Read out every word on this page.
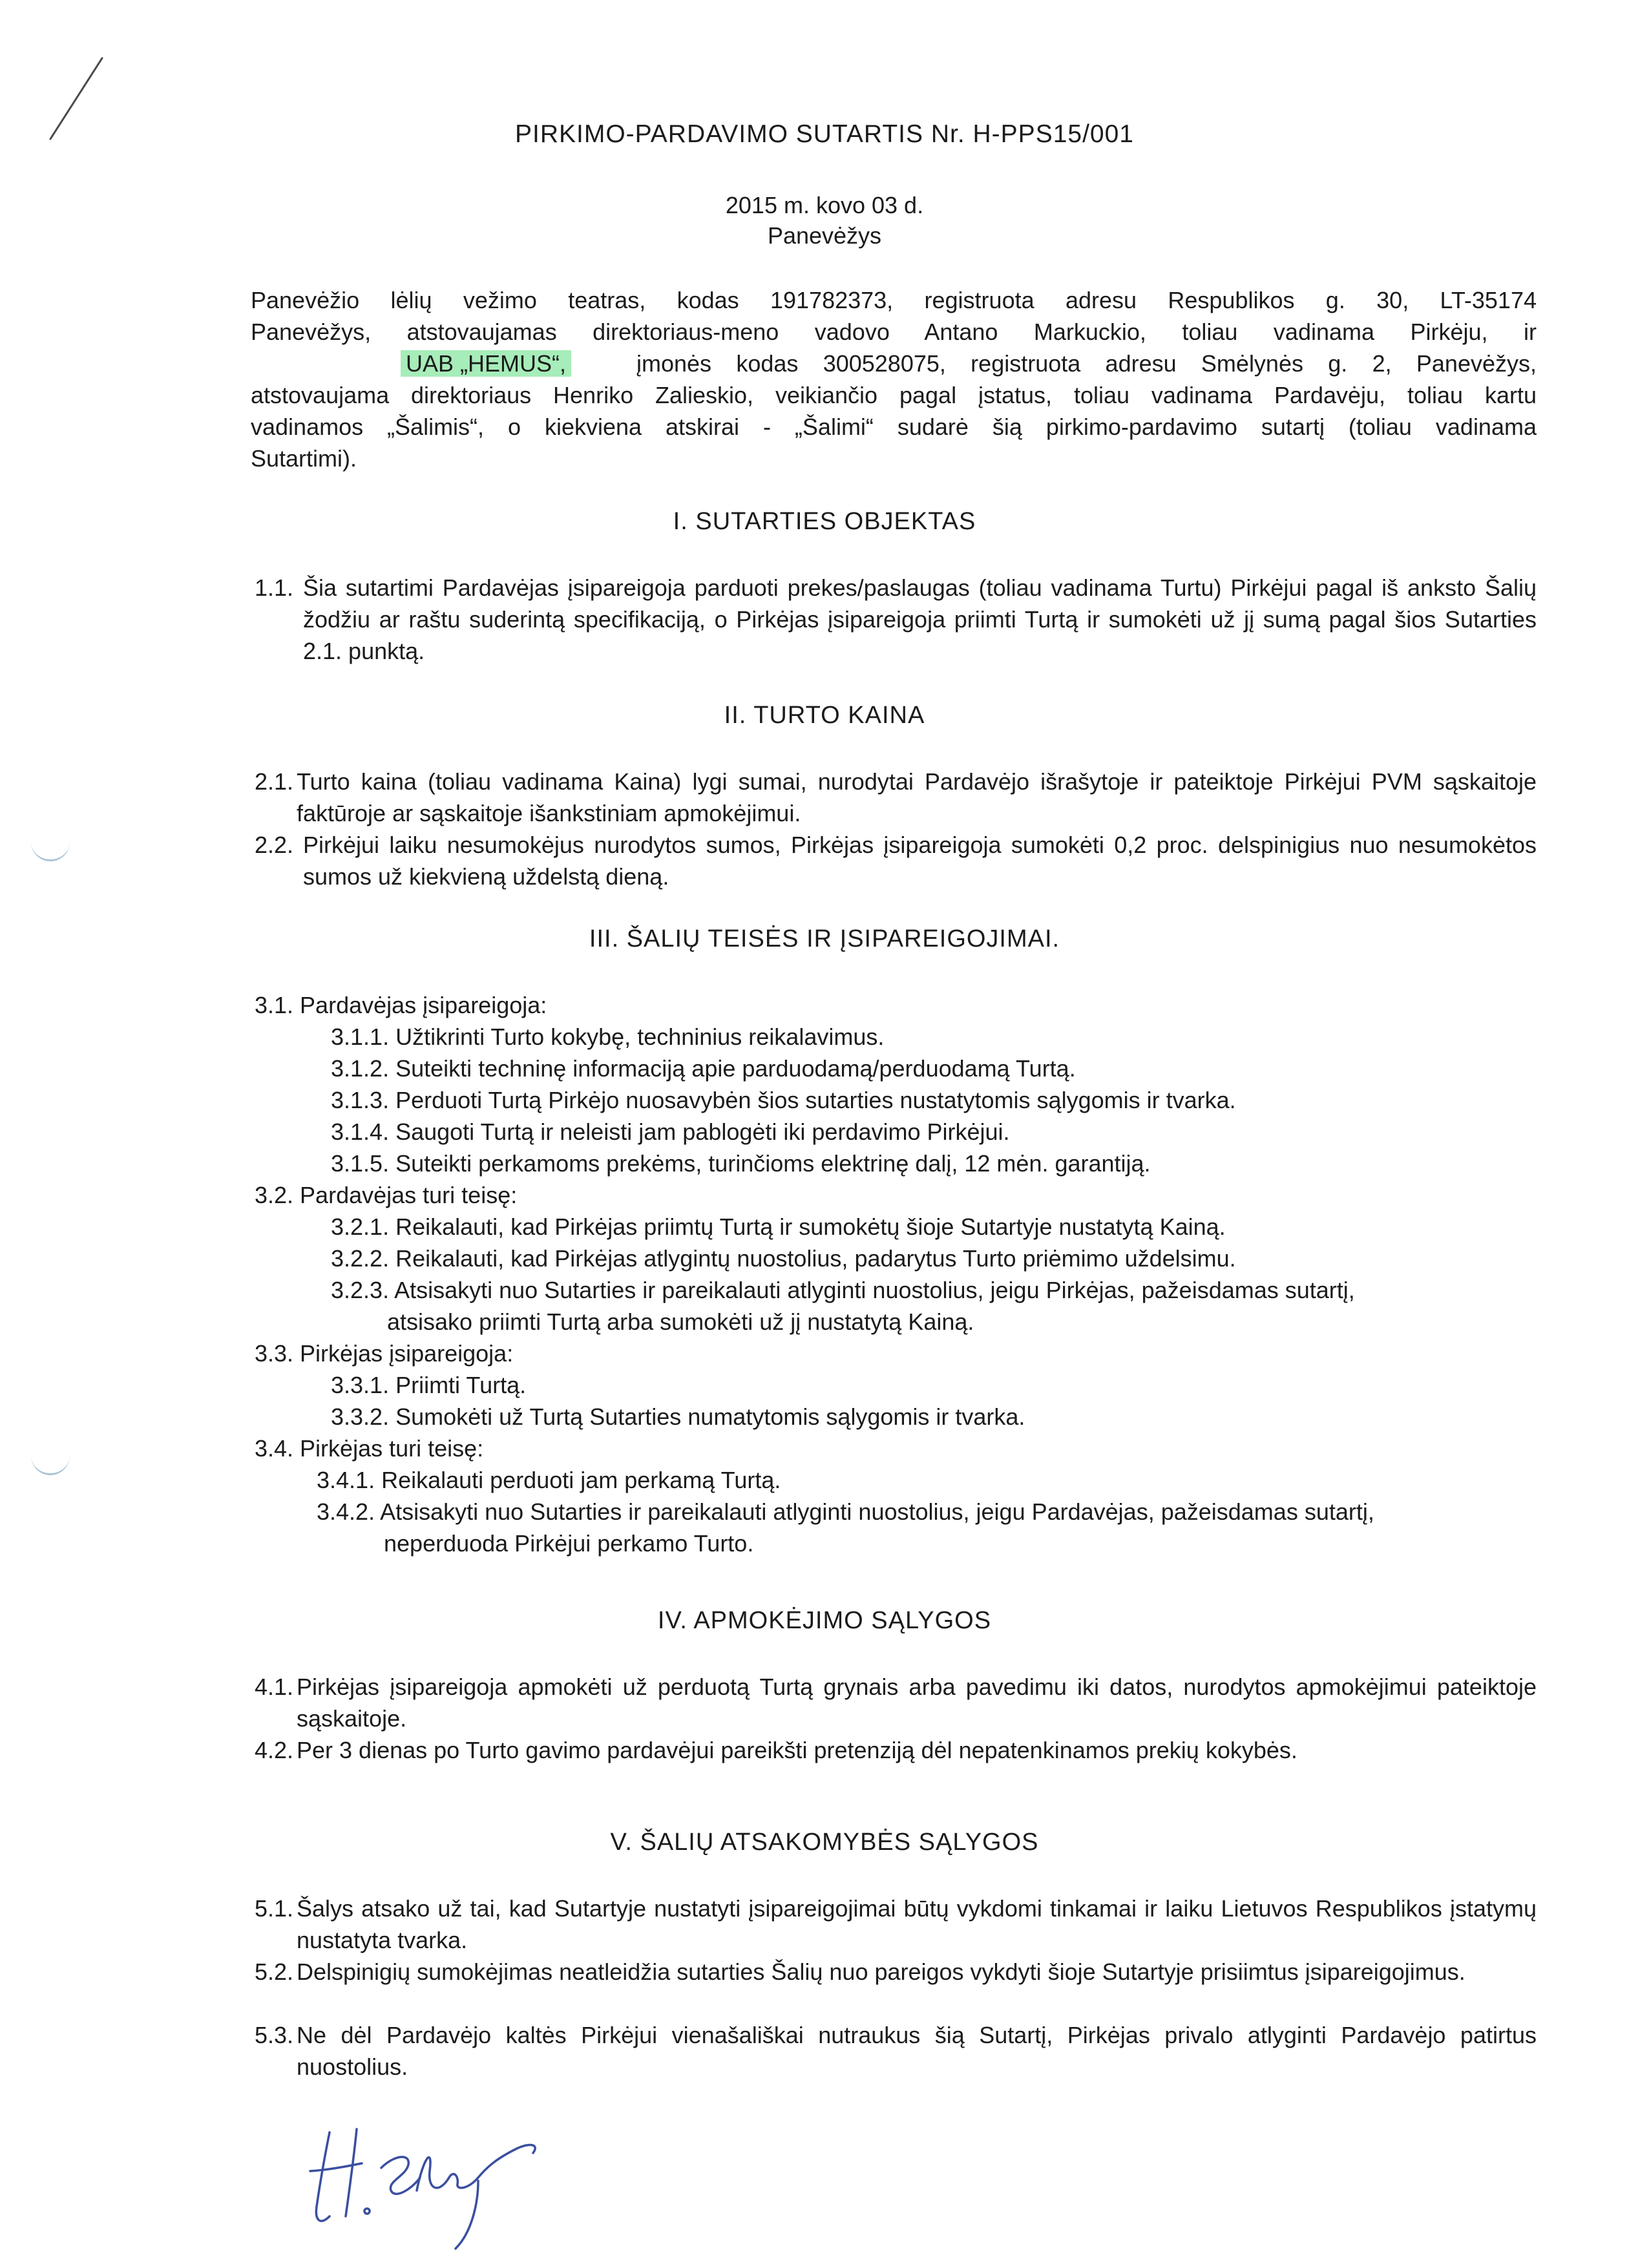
PIRKIMO-PARDAVIMO SUTARTIS Nr. H-PPS15/001
2015 m. kovo 03 d.
Panevėžys
Panevėžio lėlių vežimo teatras, kodas 191782373, registruota adresu Respublikos g. 30, LT-35174
Panevėžys, atstovaujamas direktoriaus-meno vadovo Antano Markuckio, toliau vadinama Pirkėju, ir
UAB „HEMUS“,	įmonės kodas 300528075, registruota adresu Smėlynės g. 2, Panevėžys,
atstovaujama direktoriaus Henriko Zalieskio, veikiančio pagal įstatus, toliau vadinama Pardavėju, toliau kartu
vadinamos „Šalimis“, o kiekviena atskirai - „Šalimi“ sudarė šią pirkimo-pardavimo sutartį (toliau vadinama
Sutartimi).
I. SUTARTIES OBJEKTAS
1.1. Šia sutartimi Pardavėjas įsipareigoja parduoti prekes/paslaugas (toliau vadinama Turtu) Pirkėjui pagal iš anksto Šalių žodžiu ar raštu suderintą specifikaciją, o Pirkėjas įsipareigoja priimti Turtą ir sumokėti už jį sumą pagal šios Sutarties 2.1. punktą.
II. TURTO KAINA
2.1. Turto kaina (toliau vadinama Kaina) lygi sumai, nurodytai Pardavėjo išrašytoje ir pateiktoje Pirkėjui PVM sąskaitoje faktūroje ar sąskaitoje išankstiniam apmokėjimui.
2.2. Pirkėjui laiku nesumokėjus nurodytos sumos, Pirkėjas įsipareigoja sumokėti 0,2 proc. delspinigius nuo nesumokėtos sumos už kiekvieną uždelstą dieną.
III. ŠALIŲ TEISĖS IR ĮSIPAREIGOJIMAI.
3.1. Pardavėjas įsipareigoja:
3.1.1. Užtikrinti Turto kokybę, techninius reikalavimus.
3.1.2. Suteikti techninę informaciją apie parduodamą/perduodamą Turtą.
3.1.3. Perduoti Turtą Pirkėjo nuosavybėn šios sutarties nustatytomis sąlygomis ir tvarka.
3.1.4. Saugoti Turtą ir neleisti jam pablogėti iki perdavimo Pirkėjui.
3.1.5. Suteikti perkamoms prekėms, turinčioms elektrinę dalį, 12 mėn. garantiją.
3.2. Pardavėjas turi teisę:
3.2.1. Reikalauti, kad Pirkėjas priimtų Turtą ir sumokėtų šioje Sutartyje nustatytą Kainą.
3.2.2. Reikalauti, kad Pirkėjas atlygintų nuostolius, padarytus Turto priėmimo uždelsimu.
3.2.3. Atsisakyti nuo Sutarties ir pareikalauti atlyginti nuostolius, jeigu Pirkėjas, pažeisdamas sutartį,
atsisako priimti Turtą arba sumokėti už jį nustatytą Kainą.
3.3. Pirkėjas įsipareigoja:
3.3.1. Priimti Turtą.
3.3.2. Sumokėti už Turtą Sutarties numatytomis sąlygomis ir tvarka.
3.4. Pirkėjas turi teisę:
3.4.1. Reikalauti perduoti jam perkamą Turtą.
3.4.2. Atsisakyti nuo Sutarties ir pareikalauti atlyginti nuostolius, jeigu Pardavėjas, pažeisdamas sutartį,
neperduoda Pirkėjui perkamo Turto.
IV. APMOKĖJIMO SĄLYGOS
4.1. Pirkėjas įsipareigoja apmokėti už perduotą Turtą grynais arba pavedimu iki datos, nurodytos apmokėjimui pateiktoje sąskaitoje.
4.2. Per 3 dienas po Turto gavimo pardavėjui pareikšti pretenziją dėl nepatenkinamos prekių kokybės.
V. ŠALIŲ ATSAKOMYBĖS SĄLYGOS
5.1. Šalys atsako už tai, kad Sutartyje nustatyti įsipareigojimai būtų vykdomi tinkamai ir laiku Lietuvos Respublikos įstatymų nustatyta tvarka.
5.2. Delspinigių sumokėjimas neatleidžia sutarties Šalių nuo pareigos vykdyti šioje Sutartyje prisiimtus įsipareigojimus.
5.3. Ne dėl Pardavėjo kaltės Pirkėjui vienašališkai nutraukus šią Sutartį, Pirkėjas privalo atlyginti Pardavėjo patirtus nuostolius.
